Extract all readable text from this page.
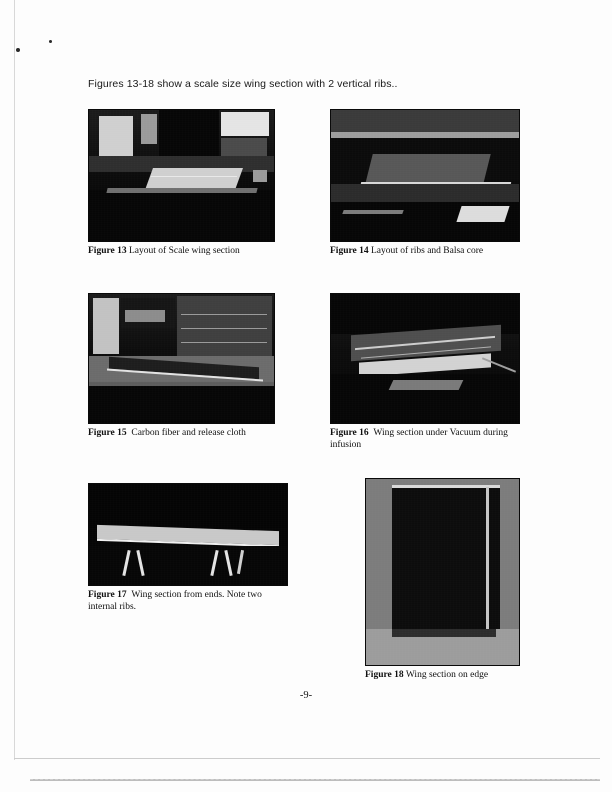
Figures 13-18 show a scale size wing section with 2 vertical ribs..
Figure 13 Layout of Scale wing section	Figure 14 Layout of ribs and Balsa core
Figure 15 Carbon fiber and release cloth	Figure 16 Wing section under Vacuum during infusion
Figure 17 Wing section from ends. Note two internal ribs.
Figure 18 Wing section on edge
-9-
